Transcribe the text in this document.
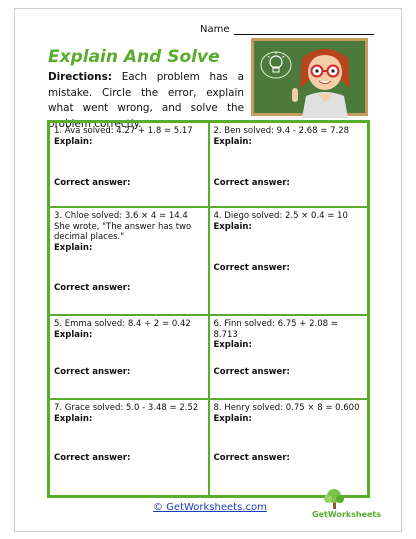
Name
Explain And Solve
Directions: Each problem has a mistake. Circle the error, explain what went wrong, and solve the problem correctly.
1. Ava solved: 4.27 + 1.8 = 5.17
Explain:
Correct answer:
2. Ben solved: 9.4 - 2.68 = 7.28
Explain:
Correct answer:
3. Chloe solved: 3.6 × 4 = 14.4
She wrote, "The answer has two decimal places."
Explain:
Correct answer:
4. Diego solved: 2.5 × 0.4 = 10
Explain:
Correct answer:
5. Emma solved: 8.4 ÷ 2 = 0.42
Explain:
Correct answer:
6. Finn solved: 6.75 + 2.08 = 8.713
Explain:
Correct answer:
7. Grace solved: 5.0 - 3.48 = 2.52
Explain:
Correct answer:
8. Henry solved: 0.75 × 8 = 0.600
Explain:
Correct answer:
© GetWorksheets.com
GetWorksheets
